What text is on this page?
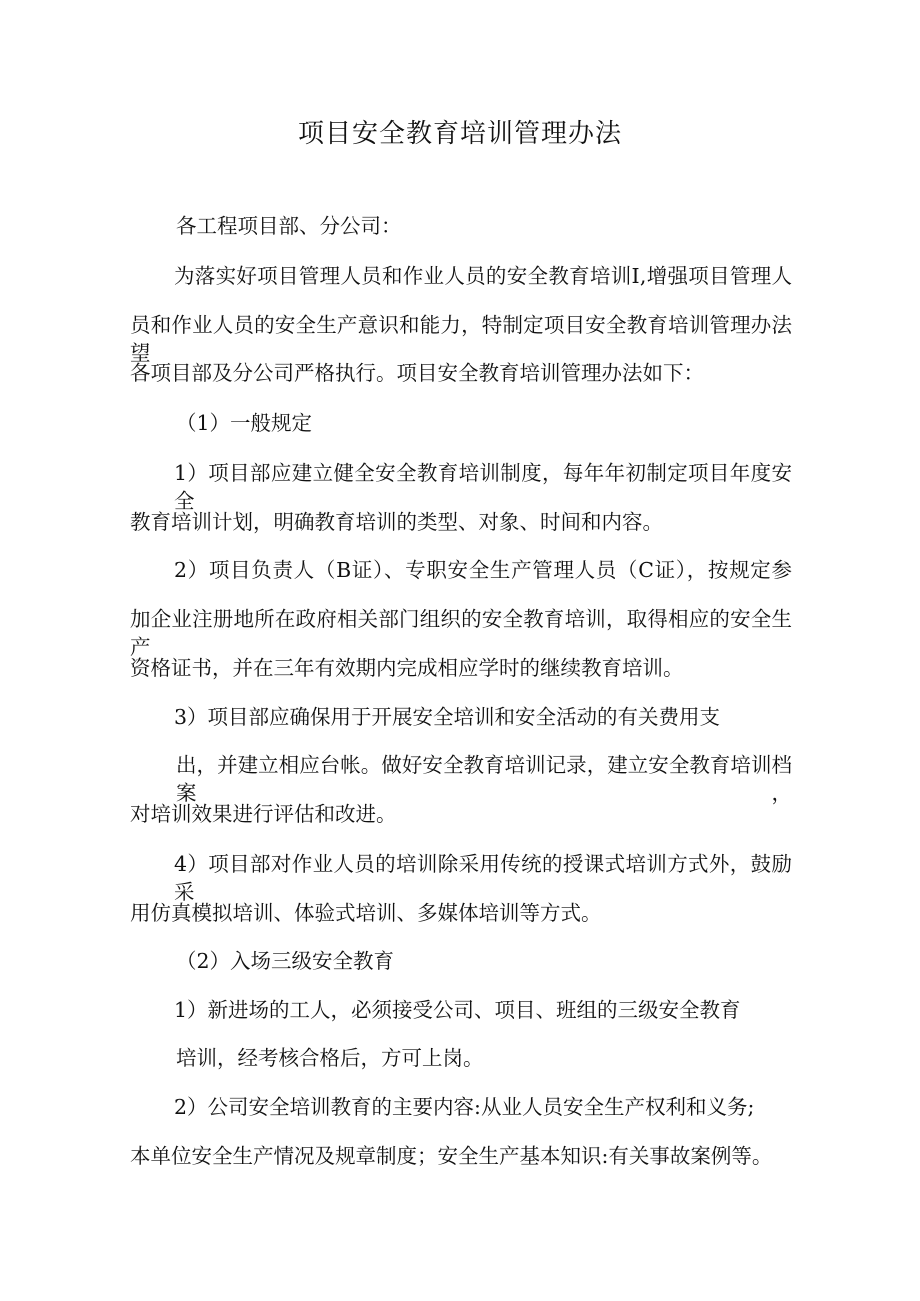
项目安全教育培训管理办法
各工程项目部、分公司：
为落实好项目管理人员和作业人员的安全教育培训Ⅰ,增强项目管理人
员和作业人员的安全生产意识和能力，特制定项目安全教育培训管理办法望
各项目部及分公司严格执行。项目安全教育培训管理办法如下：
（1）一般规定
1）项目部应建立健全安全教育培训制度，每年年初制定项目年度安全
教育培训计划，明确教育培训的类型、对象、时间和内容。
2）项目负责人（B证）、专职安全生产管理人员（C证），按规定参
加企业注册地所在政府相关部门组织的安全教育培训，取得相应的安全生产
资格证书，并在三年有效期内完成相应学时的继续教育培训。
3）项目部应确保用于开展安全培训和安全活动的有关费用支
出，并建立相应台帐。做好安全教育培训记录，建立安全教育培训档案，
对培训效果进行评估和改进。
4）项目部对作业人员的培训除采用传统的授课式培训方式外，鼓励采
用仿真模拟培训、体验式培训、多媒体培训等方式。
（2）入场三级安全教育
1）新进场的工人，必须接受公司、项目、班组的三级安全教育
培训，经考核合格后，方可上岗。
2）公司安全培训教育的主要内容:从业人员安全生产权利和义务;
本单位安全生产情况及规章制度；安全生产基本知识:有关事故案例等。
